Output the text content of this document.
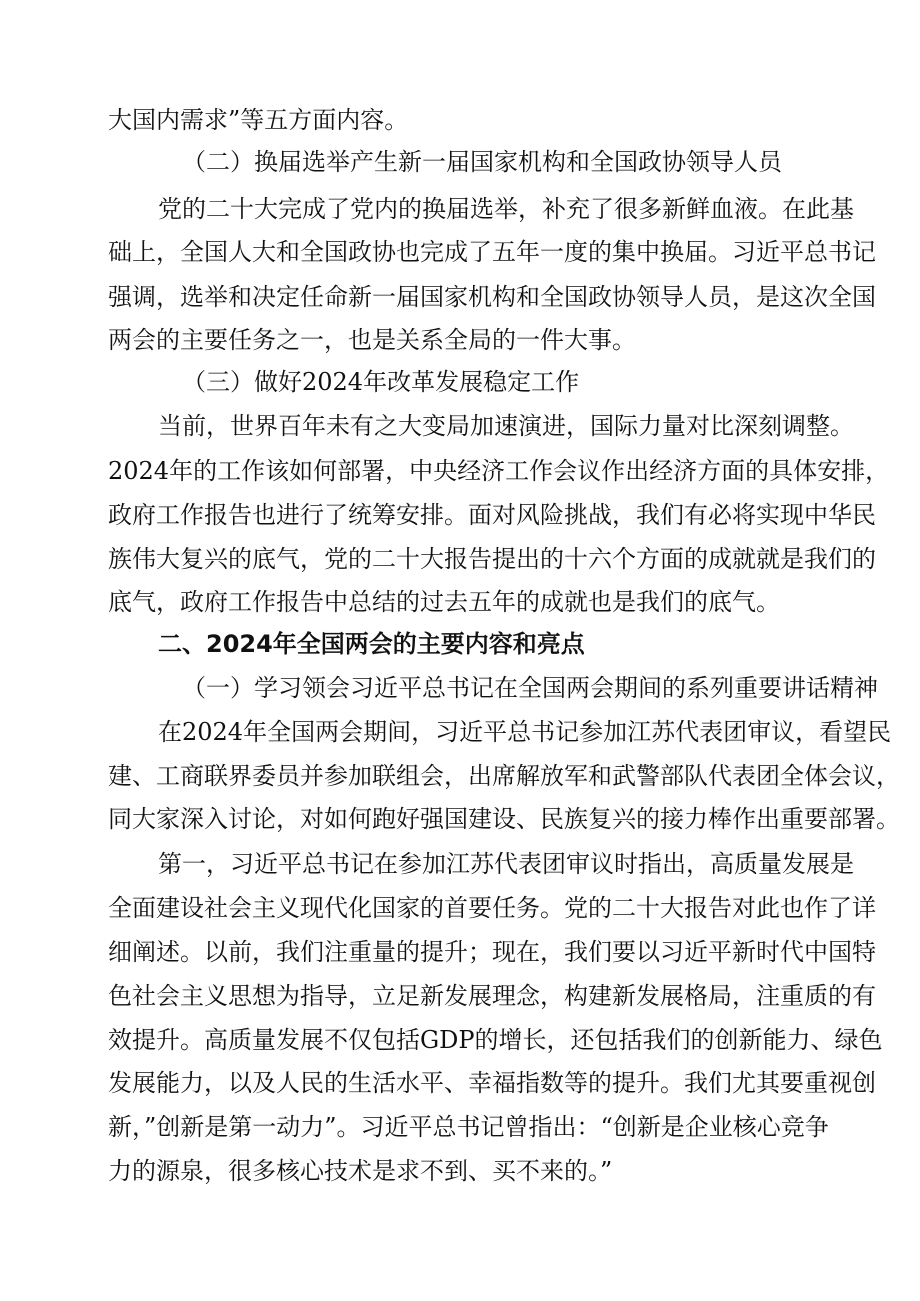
大国内需求”等五方面内容。
（二）换届选举产生新一届国家机构和全国政协领导人员
党的二十大完成了党内的换届选举，补充了很多新鲜血液。在此基
础上，全国人大和全国政协也完成了五年一度的集中换届。习近平总书记
强调，选举和决定任命新一届国家机构和全国政协领导人员，是这次全国
两会的主要任务之一，也是关系全局的一件大事。
（三）做好2024年改革发展稳定工作
当前，世界百年未有之大变局加速演进，国际力量对比深刻调整。
2024年的工作该如何部署，中央经济工作会议作出经济方面的具体安排，
政府工作报告也进行了统筹安排。面对风险挑战，我们有必将实现中华民
族伟大复兴的底气，党的二十大报告提出的十六个方面的成就就是我们的
底气，政府工作报告中总结的过去五年的成就也是我们的底气。
二、2024年全国两会的主要内容和亮点
（一）学习领会习近平总书记在全国两会期间的系列重要讲话精神
在2024年全国两会期间，习近平总书记参加江苏代表团审议，看望民
建、工商联界委员并参加联组会，出席解放军和武警部队代表团全体会议，
同大家深入讨论，对如何跑好强国建设、民族复兴的接力棒作出重要部署。
第一，习近平总书记在参加江苏代表团审议时指出，高质量发展是
全面建设社会主义现代化国家的首要任务。党的二十大报告对此也作了详
细阐述。以前，我们注重量的提升；现在，我们要以习近平新时代中国特
色社会主义思想为指导，立足新发展理念，构建新发展格局，注重质的有
效提升。高质量发展不仅包括GDP的增长，还包括我们的创新能力、绿色
发展能力，以及人民的生活水平、幸福指数等的提升。我们尤其要重视创
新，”创新是第一动力”。习近平总书记曾指出：“创新是企业核心竞争
力的源泉，很多核心技术是求不到、买不来的。”
